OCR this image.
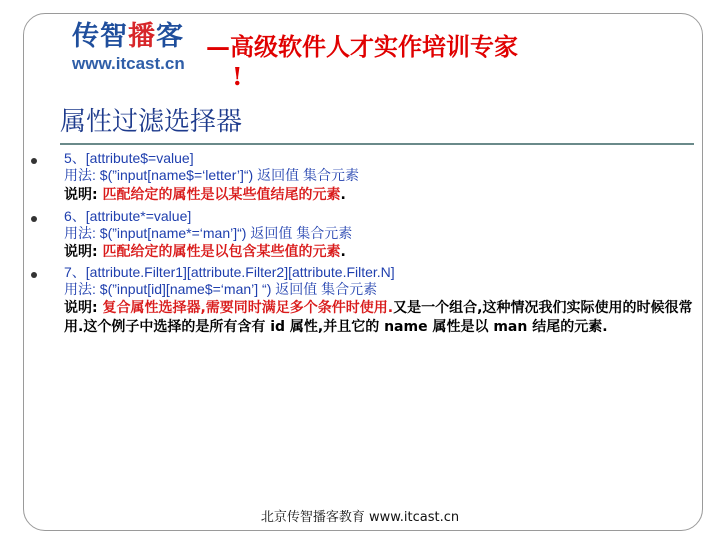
传智播客
www.itcast.cn
—高级软件人才实作培训专家
!
属性过滤选择器
5、[attribute$=value]
用法: $(”input[name$=‘letter’]“) 返回值 集合元素
说明: 匹配给定的属性是以某些值结尾的元素.
6、[attribute*=value]
用法: $(”input[name*=‘man’]“) 返回值 集合元素
说明: 匹配给定的属性是以包含某些值的元素.
7、[attribute.Filter1][attribute.Filter2][attribute.Filter.N]
用法: $(”input[id][name$=‘man’] “) 返回值 集合元素
说明: 复合属性选择器,需要同时满足多个条件时使用.又是一个组合,这种情况我们实际使用的时候很常用.这个例子中选择的是所有含有 id 属性,并且它的 name 属性是以 man 结尾的元素.
北京传智播客教育 www.itcast.cn
